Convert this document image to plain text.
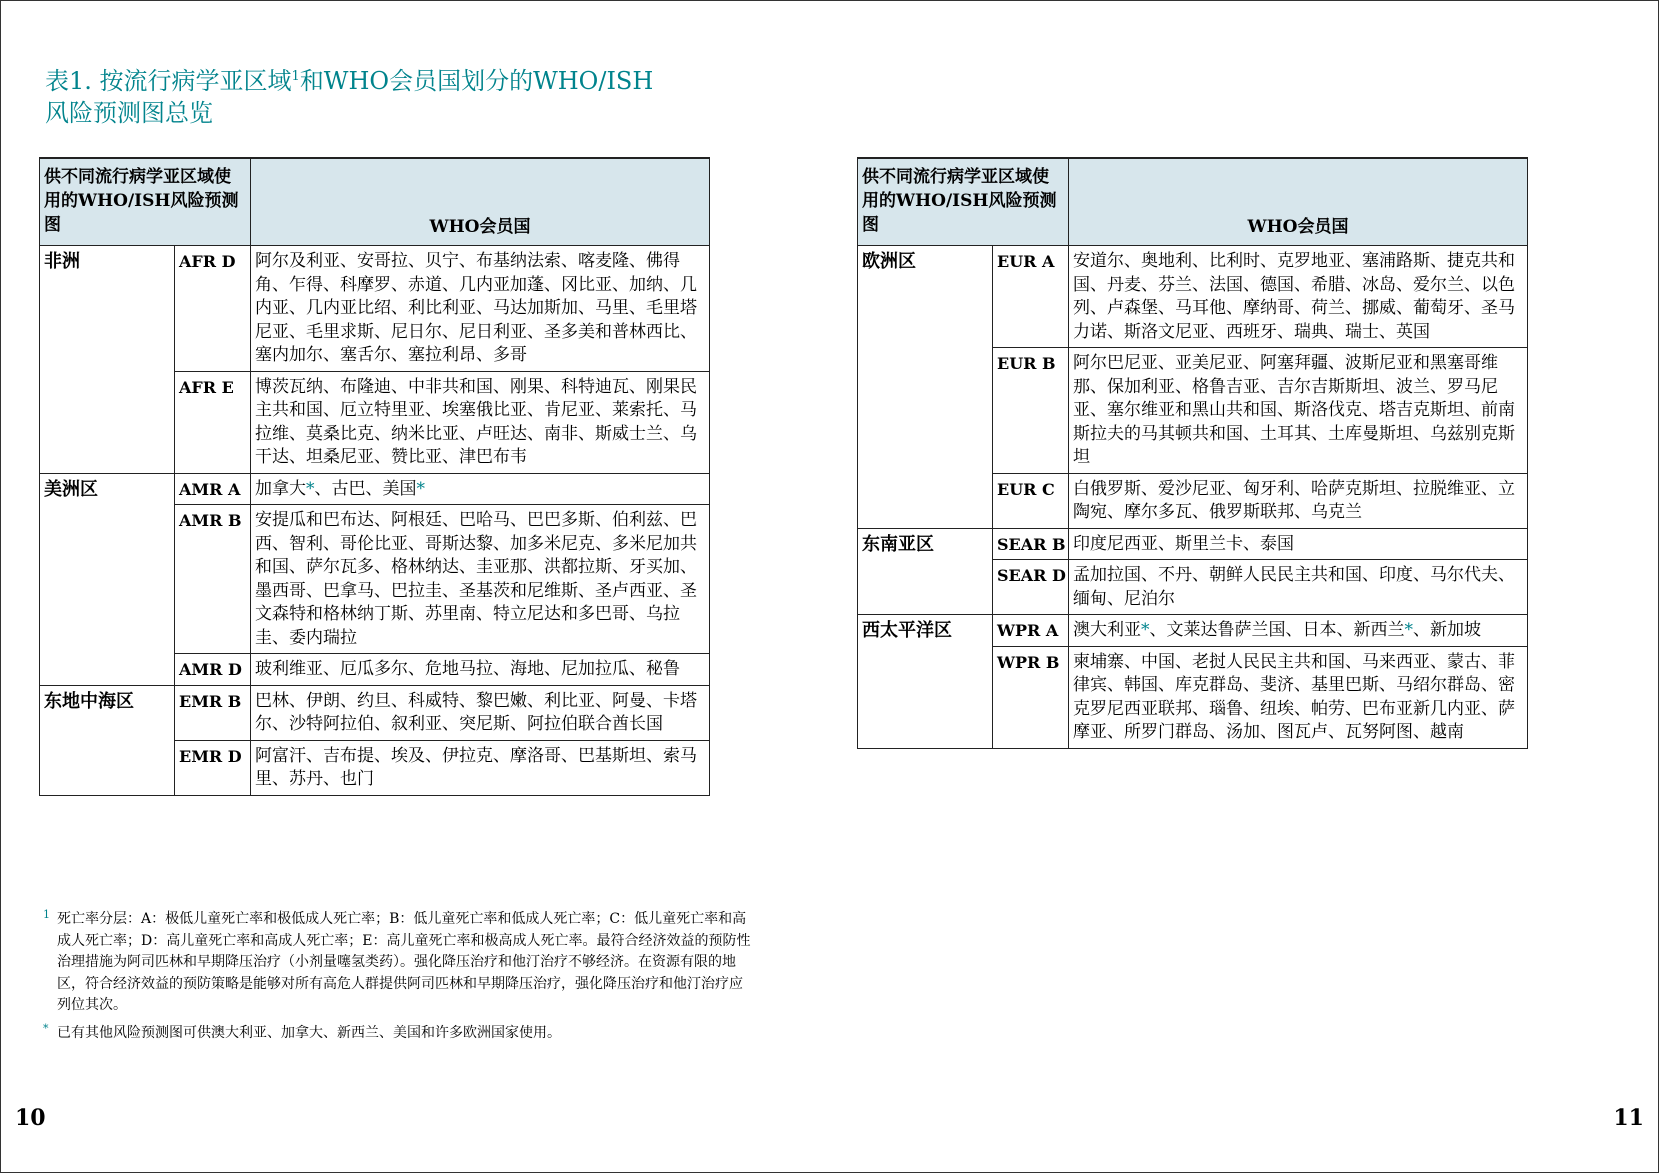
表1. 按流行病学亚区域$^1$和WHO会员国划分的WHO/ISH
风险预测图总览
供不同流行病学亚区域使用的WHO/ISH风险预测图		WHO会员国
非洲	AFR D	阿尔及利亚、安哥拉、贝宁、布基纳法索、喀麦隆、佛得角、乍得、科摩罗、赤道、几内亚加蓬、冈比亚、加纳、几内亚、几内亚比绍、利比利亚、马达加斯加、马里、毛里塔尼亚、毛里求斯、尼日尔、尼日利亚、圣多美和普林西比、塞内加尔、塞舌尔、塞拉利昂、多哥
	AFR E	博茨瓦纳、布隆迪、中非共和国、刚果、科特迪瓦、刚果民主共和国、厄立特里亚、埃塞俄比亚、肯尼亚、莱索托、马拉维、莫桑比克、纳米比亚、卢旺达、南非、斯威士兰、乌干达、坦桑尼亚、赞比亚、津巴布韦
美洲区	AMR A	加拿大*、古巴、美国*
	AMR B	安提瓜和巴布达、阿根廷、巴哈马、巴巴多斯、伯利兹、巴西、智利、哥伦比亚、哥斯达黎、加多米尼克、多米尼加共和国、萨尔瓦多、格林纳达、圭亚那、洪都拉斯、牙买加、墨西哥、巴拿马、巴拉圭、圣基茨和尼维斯、圣卢西亚、圣文森特和格林纳丁斯、苏里南、特立尼达和多巴哥、乌拉圭、委内瑞拉
	AMR D	玻利维亚、厄瓜多尔、危地马拉、海地、尼加拉瓜、秘鲁
东地中海区	EMR B	巴林、伊朗、约旦、科威特、黎巴嫩、利比亚、阿曼、卡塔尔、沙特阿拉伯、叙利亚、突尼斯、阿拉伯联合酋长国
	EMR D	阿富汗、吉布提、埃及、伊拉克、摩洛哥、巴基斯坦、索马里、苏丹、也门
供不同流行病学亚区域使用的WHO/ISH风险预测图		WHO会员国
欧洲区	EUR A	安道尔、奥地利、比利时、克罗地亚、塞浦路斯、捷克共和国、丹麦、芬兰、法国、德国、希腊、冰岛、爱尔兰、以色列、卢森堡、马耳他、摩纳哥、荷兰、挪威、葡萄牙、圣马力诺、斯洛文尼亚、西班牙、瑞典、瑞士、英国
	EUR B	阿尔巴尼亚、亚美尼亚、阿塞拜疆、波斯尼亚和黑塞哥维那、保加利亚、格鲁吉亚、吉尔吉斯斯坦、波兰、罗马尼亚、塞尔维亚和黑山共和国、斯洛伐克、塔吉克斯坦、前南斯拉夫的马其顿共和国、土耳其、土库曼斯坦、乌兹别克斯坦
	EUR C	白俄罗斯、爱沙尼亚、匈牙利、哈萨克斯坦、拉脱维亚、立陶宛、摩尔多瓦、俄罗斯联邦、乌克兰
东南亚区	SEAR B	印度尼西亚、斯里兰卡、泰国
	SEAR D	孟加拉国、不丹、朝鲜人民民主共和国、印度、马尔代夫、缅甸、尼泊尔
西太平洋区	WPR A	澳大利亚*、文莱达鲁萨兰国、日本、新西兰*、新加坡
	WPR B	柬埔寨、中国、老挝人民民主共和国、马来西亚、蒙古、菲律宾、韩国、库克群岛、斐济、基里巴斯、马绍尔群岛、密克罗尼西亚联邦、瑙鲁、纽埃、帕劳、巴布亚新几内亚、萨摩亚、所罗门群岛、汤加、图瓦卢、瓦努阿图、越南
1 死亡率分层：A：极低儿童死亡率和极低成人死亡率；B：低儿童死亡率和低成人死亡率；C：低儿童死亡率和高成人死亡率；D：高儿童死亡率和高成人死亡率；E：高儿童死亡率和极高成人死亡率。最符合经济效益的预防性治理措施为阿司匹林和早期降压治疗（小剂量噻氢类药）。强化降压治疗和他汀治疗不够经济。在资源有限的地区，符合经济效益的预防策略是能够对所有高危人群提供阿司匹林和早期降压治疗，强化降压治疗和他汀治疗应列位其次。
* 已有其他风险预测图可供澳大利亚、加拿大、新西兰、美国和许多欧洲国家使用。
10	11
